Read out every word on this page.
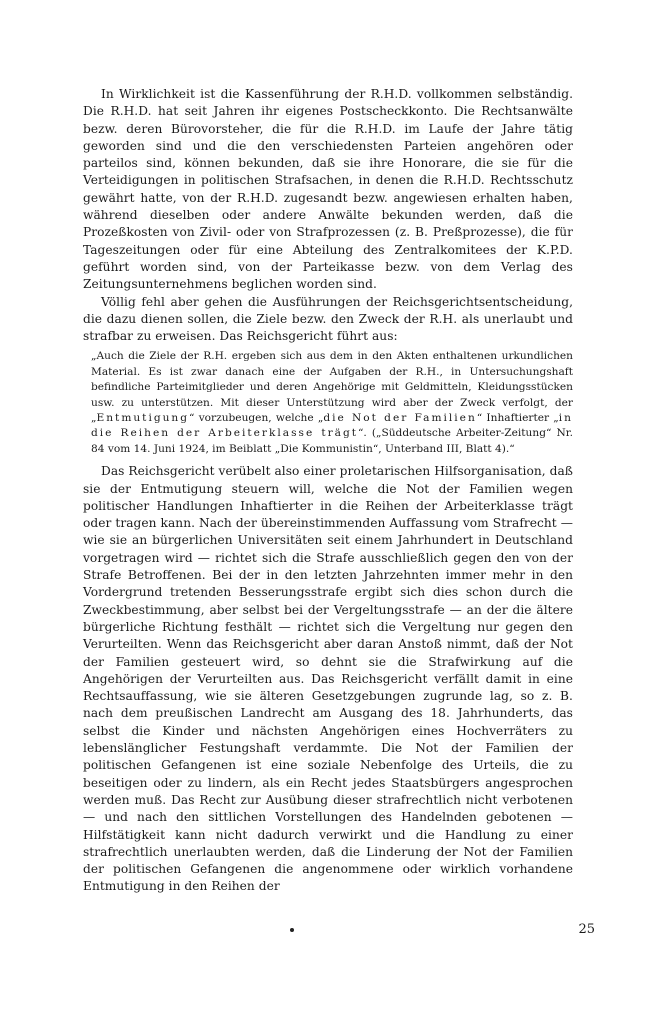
In Wirklichkeit ist die Kassenführung der R.H.D. vollkommen selbständig. Die R.H.D. hat seit Jahren ihr eigenes Postscheckkonto. Die Rechtsanwälte bezw. deren Bürovorsteher, die für die R.H.D. im Laufe der Jahre tätig geworden sind und die den verschiedensten Parteien angehören oder parteilos sind, können bekunden, daß sie ihre Honorare, die sie für die Verteidigungen in politischen Strafsachen, in denen die R.H.D. Rechtsschutz gewährt hatte, von der R.H.D. zugesandt bezw. angewiesen erhalten haben, während dieselben oder andere Anwälte bekunden werden, daß die Prozeßkosten von Zivil- oder von Strafprozessen (z. B. Preßprozesse), die für Tageszeitungen oder für eine Abteilung des Zentralkomitees der K.P.D. geführt worden sind, von der Parteikasse bezw. von dem Verlag des Zeitungsunternehmens beglichen worden sind.

Völlig fehl aber gehen die Ausführungen der Reichsgerichtsentscheidung, die dazu dienen sollen, die Ziele bezw. den Zweck der R.H. als unerlaubt und strafbar zu erweisen. Das Reichsgericht führt aus:

„Auch die Ziele der R.H. ergeben sich aus dem in den Akten enthaltenen urkundlichen Material. Es ist zwar danach eine der Aufgaben der R.H., in Untersuchungshaft befindliche Parteimitglieder und deren Angehörige mit Geldmitteln, Kleidungsstücken usw. zu unterstützen. Mit dieser Unterstützung wird aber der Zweck verfolgt, der „Entmutigung“ vorzubeugen, welche „die Not der Familien“ Inhaftierter „in die Reihen der Arbeiterklasse trägt“. („Süddeutsche Arbeiter-Zeitung“ Nr. 84 vom 14. Juni 1924, im Beiblatt „Die Kommunistin“, Unterband III, Blatt 4).“

Das Reichsgericht verübelt also einer proletarischen Hilfsorganisation, daß sie der Entmutigung steuern will, welche die Not der Familien wegen politischer Handlungen Inhaftierter in die Reihen der Arbeiterklasse trägt oder tragen kann. Nach der übereinstimmenden Auffassung vom Strafrecht — wie sie an bürgerlichen Universitäten seit einem Jahrhundert in Deutschland vorgetragen wird — richtet sich die Strafe ausschließlich gegen den von der Strafe Betroffenen. Bei der in den letzten Jahrzehnten immer mehr in den Vordergrund tretenden Besserungsstrafe ergibt sich dies schon durch die Zweckbestimmung, aber selbst bei der Vergeltungsstrafe — an der die ältere bürgerliche Richtung festhält — richtet sich die Vergeltung nur gegen den Verurteilten. Wenn das Reichsgericht aber daran Anstoß nimmt, daß der Not der Familien gesteuert wird, so dehnt sie die Strafwirkung auf die Angehörigen der Verurteilten aus. Das Reichsgericht verfällt damit in eine Rechtsauffassung, wie sie älteren Gesetzgebungen zugrunde lag, so z. B. nach dem preußischen Landrecht am Ausgang des 18. Jahrhunderts, das selbst die Kinder und nächsten Angehörigen eines Hochverräters zu lebenslänglicher Festungshaft verdammte. Die Not der Familien der politischen Gefangenen ist eine soziale Nebenfolge des Urteils, die zu beseitigen oder zu lindern, als ein Recht jedes Staatsbürgers angesprochen werden muß. Das Recht zur Ausübung dieser strafrechtlich nicht verbotenen — und nach den sittlichen Vorstellungen des Handelnden gebotenen — Hilfstätigkeit kann nicht dadurch verwirkt und die Handlung zu einer strafrechtlich unerlaubten werden, daß die Linderung der Not der Familien der politischen Gefangenen die angenommene oder wirklich vorhandene Entmutigung in den Reihen der

25
